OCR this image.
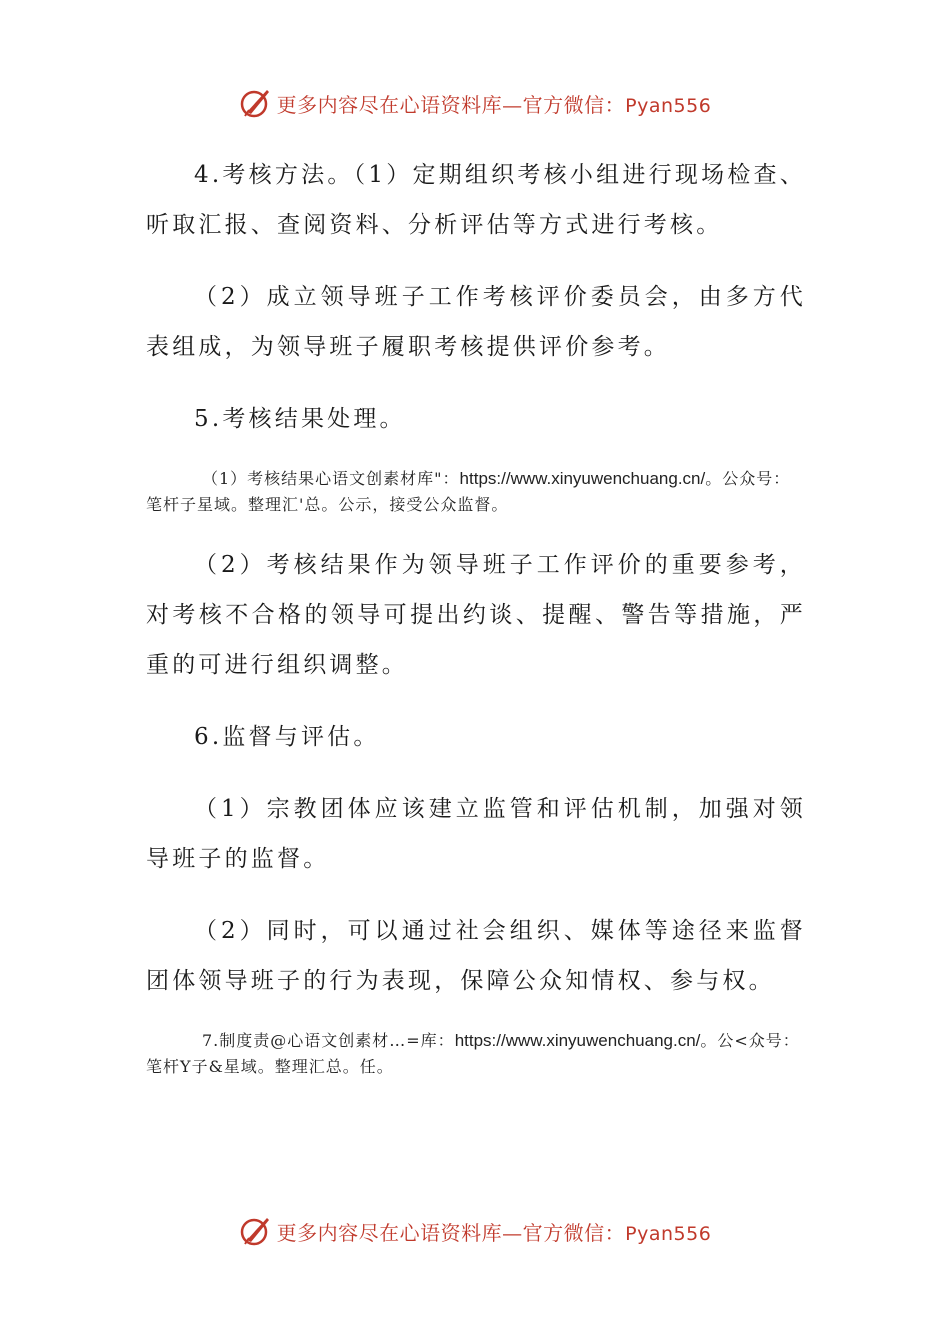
更多内容尽在心语资料库—官方微信：Pyan556

4.考核方法。（1）定期组织考核小组进行现场检查、听取汇报、查阅资料、分析评估等方式进行考核。

（2）成立领导班子工作考核评价委员会，由多方代表组成，为领导班子履职考核提供评价参考。

5.考核结果处理。

（1）考核结果心语文创素材库"：https://www.xinyuwenchuang.cn/。公众号：笔杆子星域。整理汇'总。公示，接受公众监督。

（2）考核结果作为领导班子工作评价的重要参考，对考核不合格的领导可提出约谈、提醒、警告等措施，严重的可进行组织调整。

6.监督与评估。

（1）宗教团体应该建立监管和评估机制，加强对领导班子的监督。

（2）同时，可以通过社会组织、媒体等途径来监督团体领导班子的行为表现，保障公众知情权、参与权。

7.制度责@心语文创素材…=库：https://www.xinyuwenchuang.cn/。公<众号：笔杆Y子&星域。整理汇总。任。

更多内容尽在心语资料库—官方微信：Pyan556
